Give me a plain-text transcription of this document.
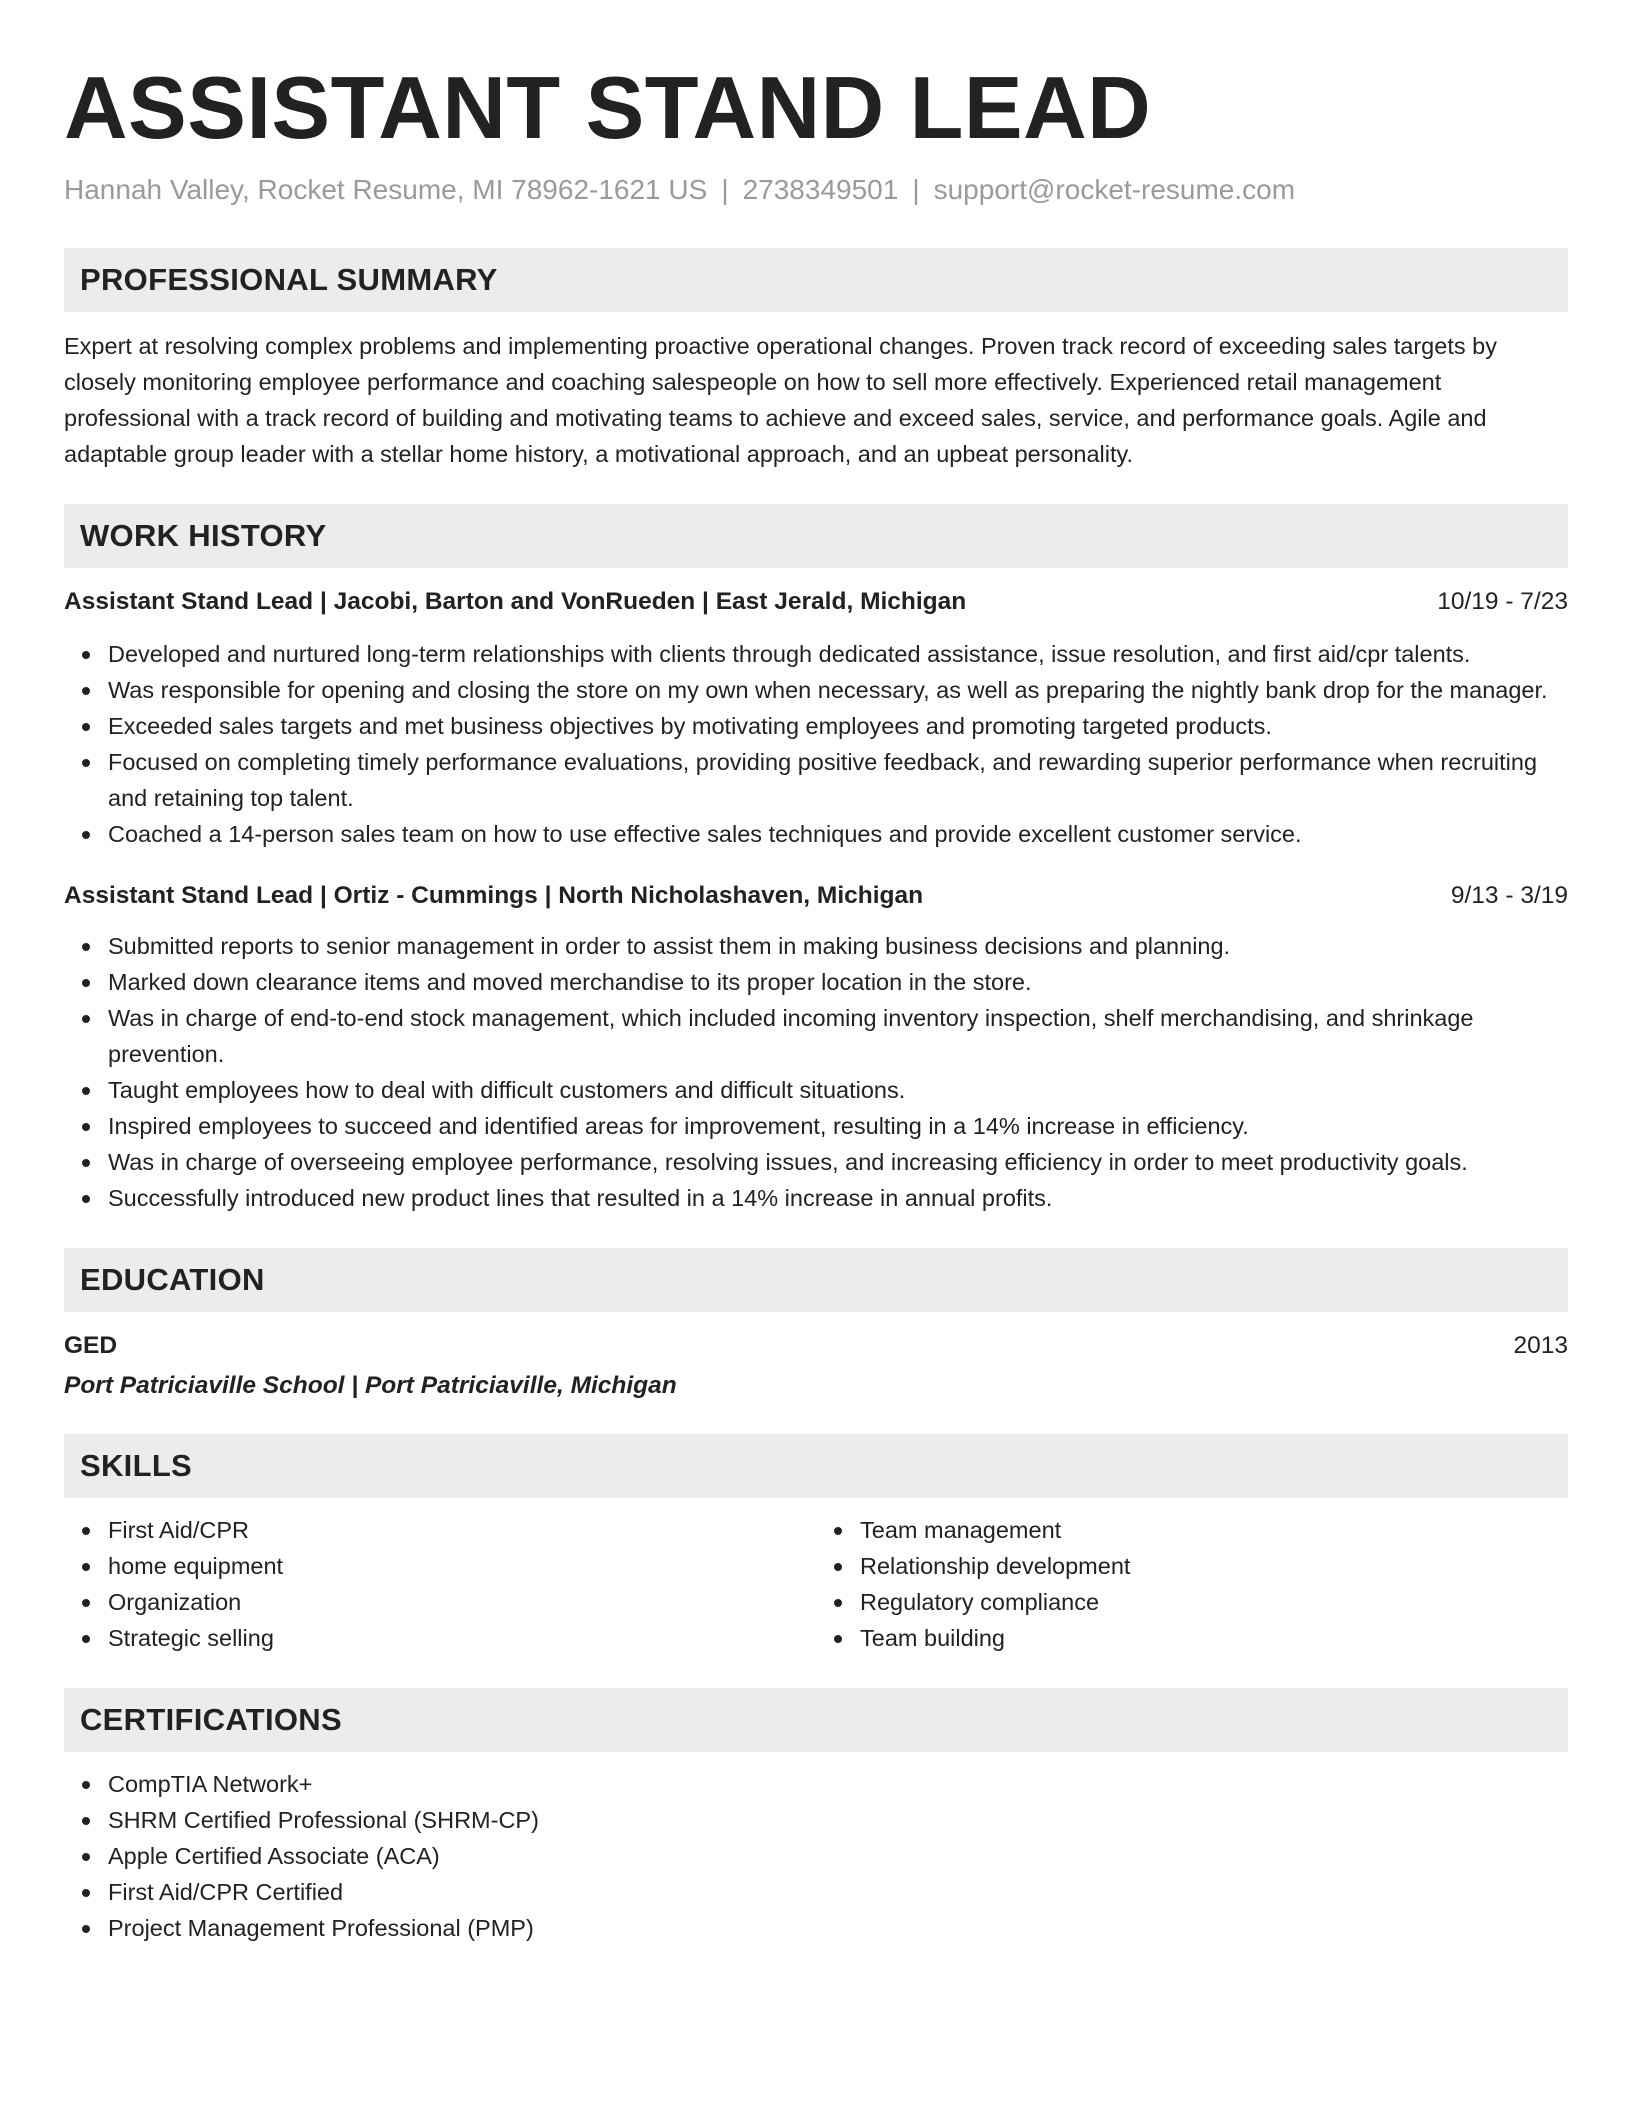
ASSISTANT STAND LEAD
Hannah Valley, Rocket Resume, MI 78962-1621 US | 2738349501 | support@rocket-resume.com
PROFESSIONAL SUMMARY

Expert at resolving complex problems and implementing proactive operational changes. Proven track record of exceeding sales targets by closely monitoring employee performance and coaching salespeople on how to sell more effectively. Experienced retail management professional with a track record of building and motivating teams to achieve and exceed sales, service, and performance goals. Agile and adaptable group leader with a stellar home history, a motivational approach, and an upbeat personality.

WORK HISTORY
Assistant Stand Lead | Jacobi, Barton and VonRueden | East Jerald, Michigan	10/19 - 7/23
Developed and nurtured long-term relationships with clients through dedicated assistance, issue resolution, and first aid/cpr talents.
Was responsible for opening and closing the store on my own when necessary, as well as preparing the nightly bank drop for the manager.
Exceeded sales targets and met business objectives by motivating employees and promoting targeted products.
Focused on completing timely performance evaluations, providing positive feedback, and rewarding superior performance when recruiting and retaining top talent.
Coached a 14-person sales team on how to use effective sales techniques and provide excellent customer service.
Assistant Stand Lead | Ortiz - Cummings | North Nicholashaven, Michigan	9/13 - 3/19
Submitted reports to senior management in order to assist them in making business decisions and planning.
Marked down clearance items and moved merchandise to its proper location in the store.
Was in charge of end-to-end stock management, which included incoming inventory inspection, shelf merchandising, and shrinkage prevention.
Taught employees how to deal with difficult customers and difficult situations.
Inspired employees to succeed and identified areas for improvement, resulting in a 14% increase in efficiency.
Was in charge of overseeing employee performance, resolving issues, and increasing efficiency in order to meet productivity goals.
Successfully introduced new product lines that resulted in a 14% increase in annual profits.
EDUCATION
GED	2013
Port Patriciaville School | Port Patriciaville, Michigan
SKILLS
First Aid/CPR
home equipment
Organization
Strategic selling
Team management
Relationship development
Regulatory compliance
Team building
CERTIFICATIONS
CompTIA Network+
SHRM Certified Professional (SHRM-CP)
Apple Certified Associate (ACA)
First Aid/CPR Certified
Project Management Professional (PMP)
